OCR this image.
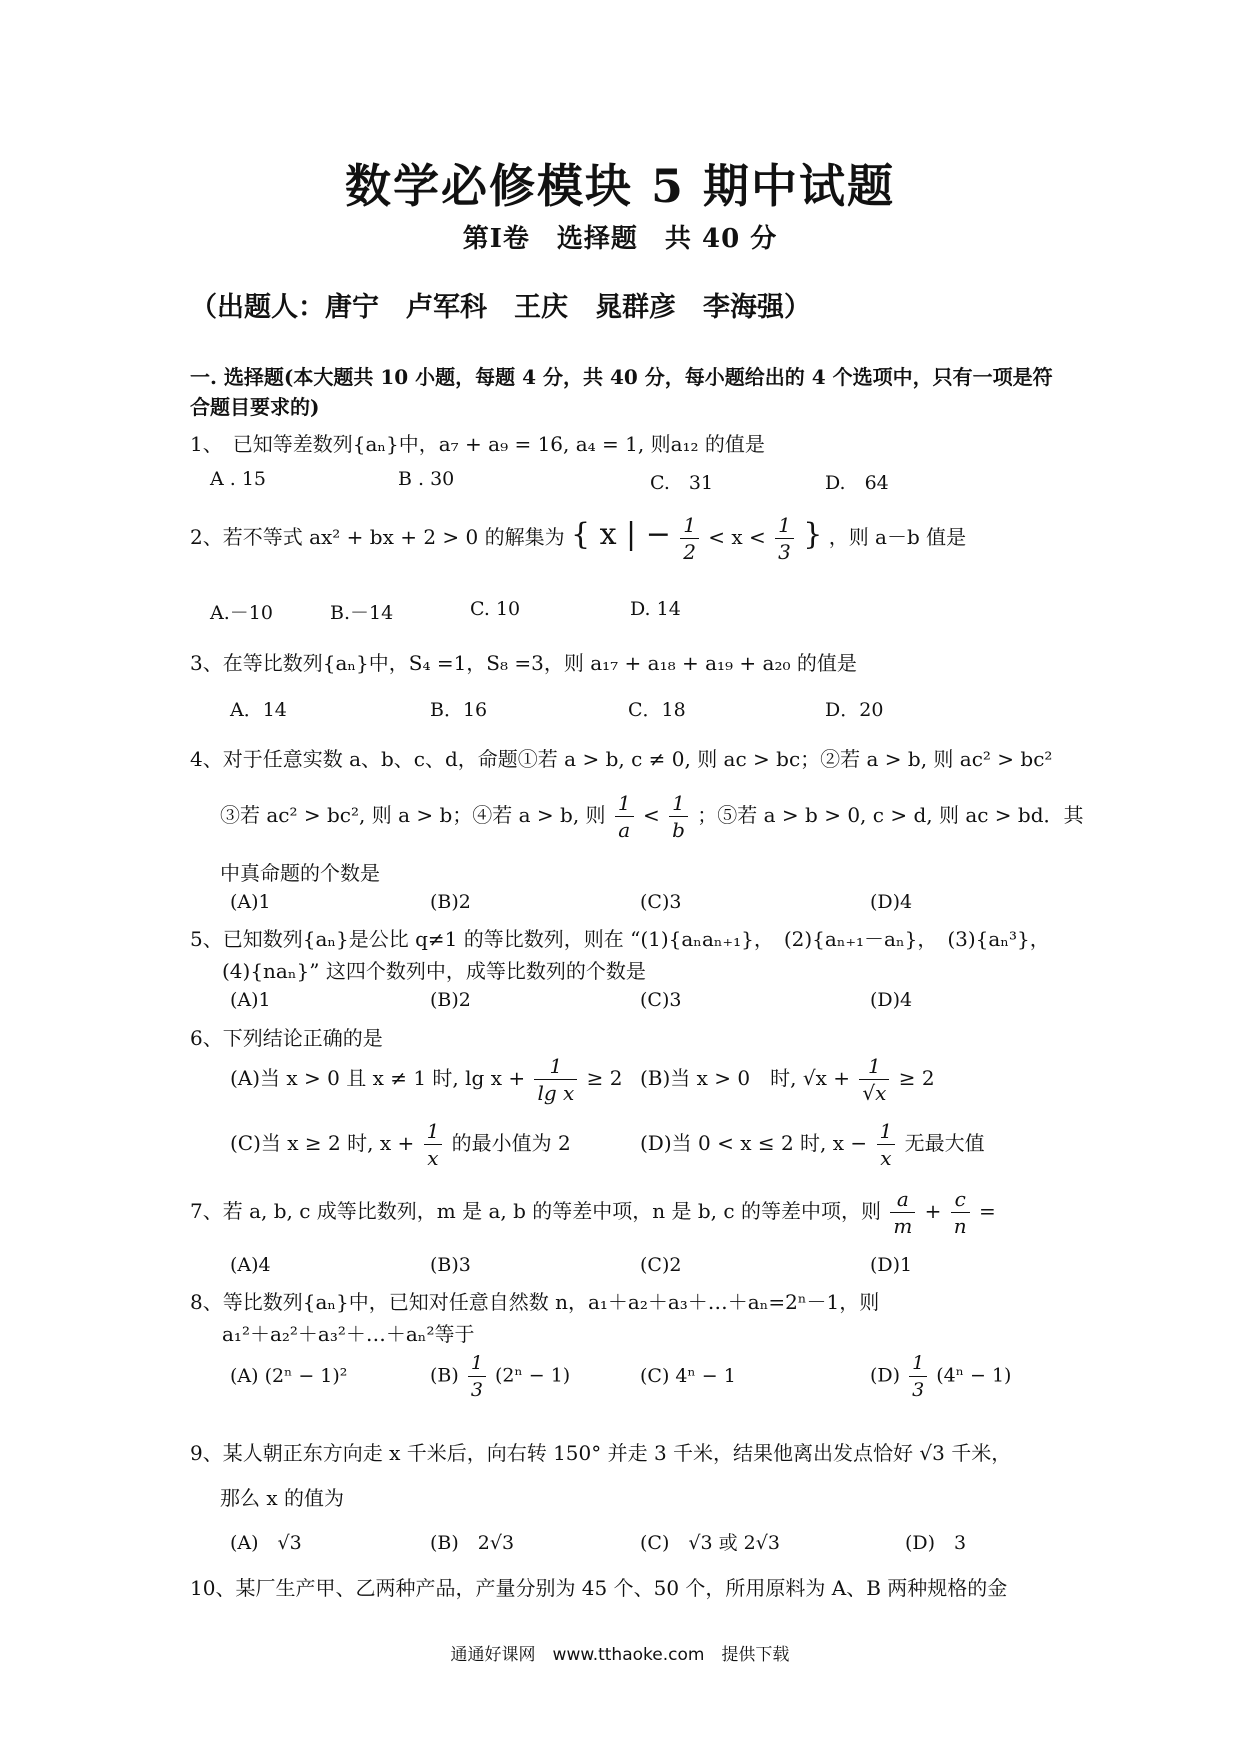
数学必修模块 5 期中试题
第Ⅰ卷　选择题　共 40 分
（出题人：唐宁　卢军科　王庆　晁群彦　李海强）
一. 选择题(本大题共 10 小题，每题 4 分，共 40 分，每小题给出的 4 个选项中，只有一项是符合题目要求的)
1、　已知等差数列{aₙ}中，a₇ + a₉ = 16, a₄ = 1, 则a₁₂ 的值是
A . 15	B . 30	C.　31	D.　64
2、若不等式 ax² + bx + 2 > 0 的解集为 { x | − $\frac{1}{2} < x < \frac{1}{3}$ } ，则 a－b 值是
A.－10	B.－14	C. 10	D. 14
3、在等比数列{aₙ}中，S₄ =1，S₈ =3，则 a₁₇ + a₁₈ + a₁₉ + a₂₀ 的值是
A．14	B．16	C．18	D．20
4、对于任意实数 a、b、c、d，命题①若 a > b, c ≠ 0, 则 ac > bc；②若 a > b, 则 ac² > bc²
③若 ac² > bc², 则 a > b；④若 a > b, 则 $\frac{1}{a} < \frac{1}{b}$ ；⑤若 a > b > 0, c > d, 则 ac > bd．其
中真命题的个数是
(A)1	(B)2	(C)3	(D)4
5、已知数列{aₙ}是公比 q≠1 的等比数列，则在 “(1){aₙaₙ₊₁}，　(2){aₙ₊₁－aₙ}，　(3){aₙ³}，
(4){naₙ}” 这四个数列中，成等比数列的个数是
(A)1	(B)2	(C)3	(D)4
6、下列结论正确的是
(A)当 x > 0 且 x ≠ 1 时, $\lg x + \frac{1}{\text{lg x}} \ge 2$ (B)当 x > 0　时, $√x + \frac{1}{√x} \ge 2$
(C)当 x ≥ 2 时, $x + \frac{1}{x}$ 的最小值为 2	(D)当 0 < x ≤ 2 时, $x - \frac{1}{x}$ 无最大值
7、若 a, b, c 成等比数列，m 是 a, b 的等差中项，n 是 b, c 的等差中项，则 $\frac{a}{m} + \frac{c}{n}$ =
(A)4	(B)3	(C)2	(D)1
8、等比数列{aₙ}中，已知对任意自然数 n，a₁＋a₂＋a₃＋…＋aₙ=2ⁿ－1，则
a₁²＋a₂²＋a₃²＋…＋aₙ²等于
(A) (2ⁿ − 1)²	$(B) \frac{1}{3} (2^n - 1)$	(C) 4ⁿ − 1	$(D) \frac{1}{3} (4^n - 1)$
9、某人朝正东方向走 x 千米后，向右转 150° 并走 3 千米，结果他离出发点恰好 √3 千米，
那么 x 的值为
(A)　√3	(B)　2√3	(C)　√3 或 2√3	(D)　3
10、某厂生产甲、乙两种产品，产量分别为 45 个、50 个，所用原料为 A、B 两种规格的金
通通好课网　www.tthaoke.com　提供下载
